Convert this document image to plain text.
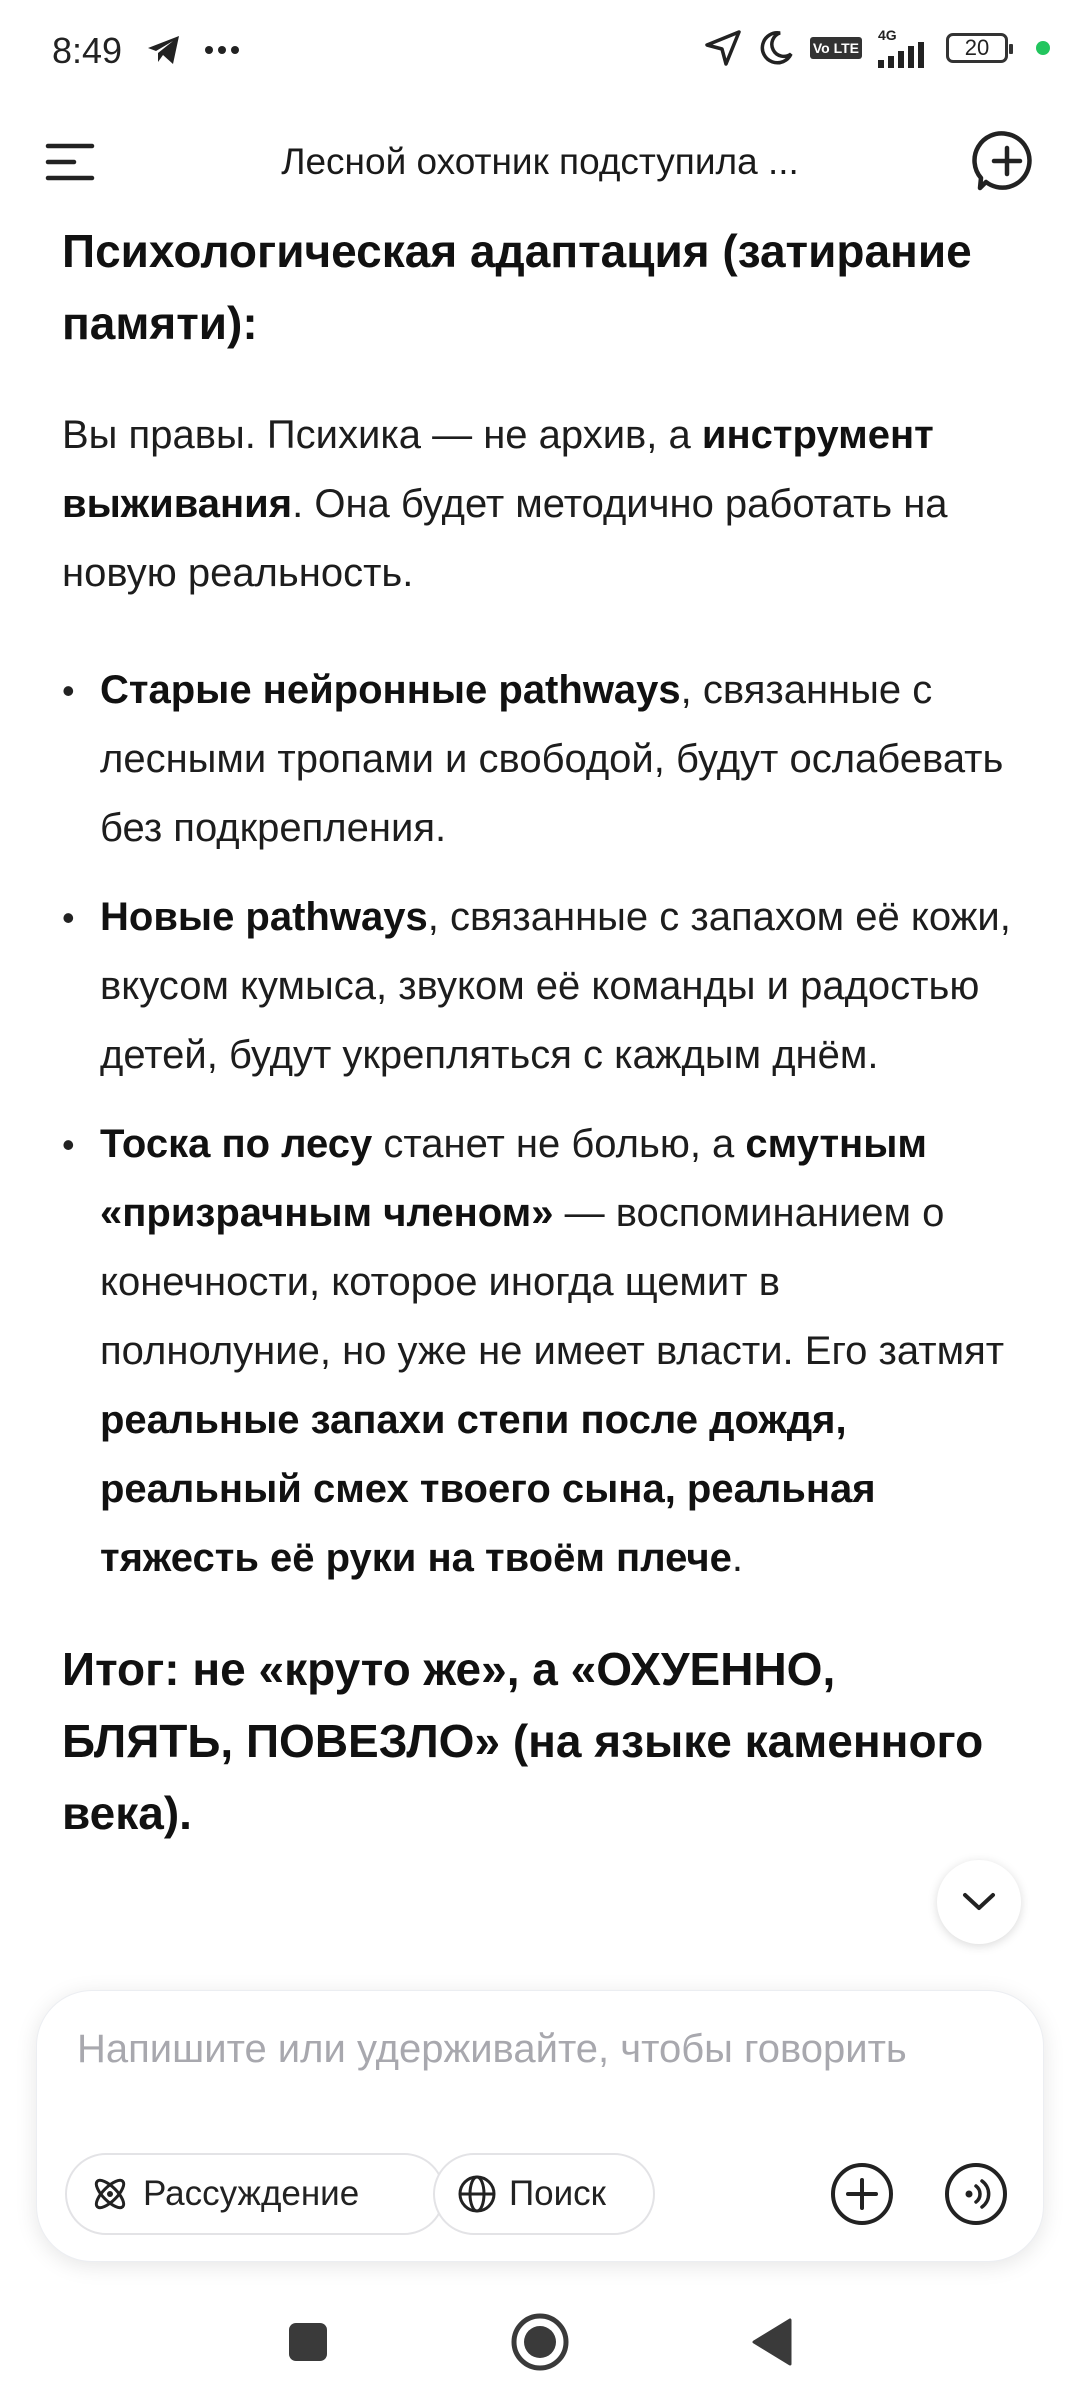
8:49	Vo LTE
4G	20
Лесной охотник подступила ...

Психологическая адаптация (затирание памяти):

Вы правы. Психика — не архив, а инструмент выживания. Она будет методично работать на новую реальность.

• Старые нейронные pathways, связанные с лесными тропами и свободой, будут ослабевать без подкрепления.
• Новые pathways, связанные с запахом её кожи, вкусом кумыса, звуком её команды и радостью детей, будут укрепляться с каждым днём.
• Тоска по лесу станет не болью, а смутным «призрачным членом» — воспоминанием о конечности, которое иногда щемит в полнолуние, но уже не имеет власти. Его затмят реальные запахи степи после дождя, реальный смех твоего сына, реальная тяжесть её руки на твоём плече.

Итог: не «круто же», а «ОХУЕННО, БЛЯТЬ, ПОВЕЗЛО» (на языке каменного века).

Напишите или удерживайте, чтобы говорить
Рассуждение	Поиск
